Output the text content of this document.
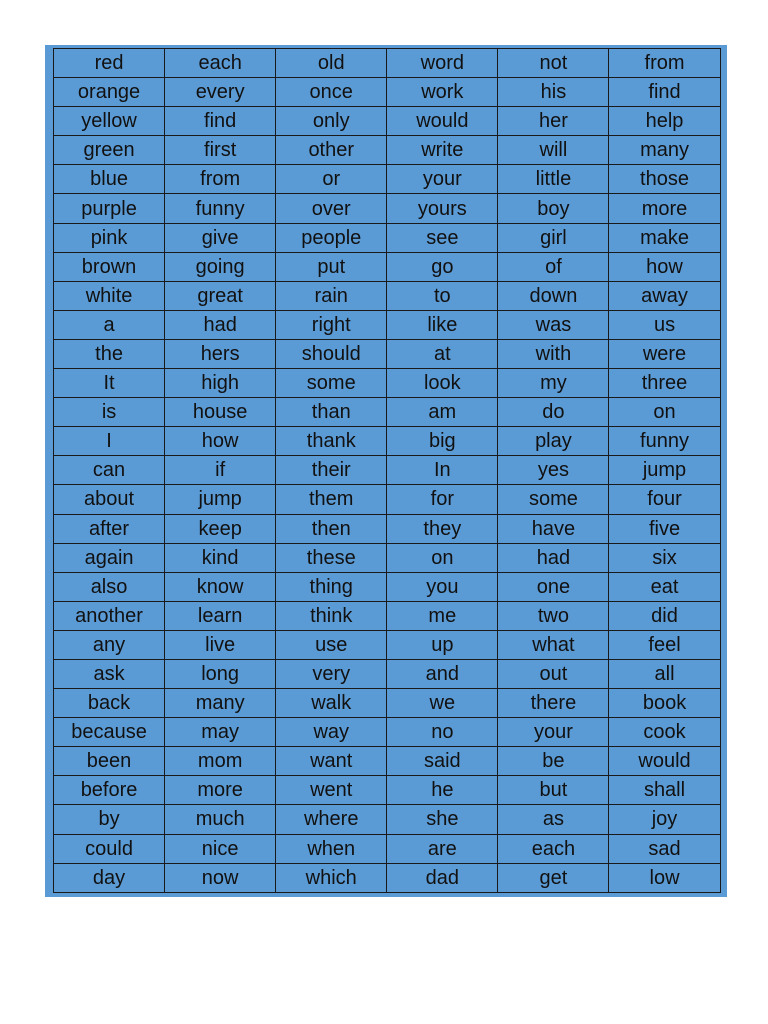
red	each	old	word	not	from
orange	every	once	work	his	find
yellow	find	only	would	her	help
green	first	other	write	will	many
blue	from	or	your	little	those
purple	funny	over	yours	boy	more
pink	give	people	see	girl	make
brown	going	put	go	of	how
white	great	rain	to	down	away
a	had	right	like	was	us
the	hers	should	at	with	were
It	high	some	look	my	three
is	house	than	am	do	on
I	how	thank	big	play	funny
can	if	their	In	yes	jump
about	jump	them	for	some	four
after	keep	then	they	have	five
again	kind	these	on	had	six
also	know	thing	you	one	eat
another	learn	think	me	two	did
any	live	use	up	what	feel
ask	long	very	and	out	all
back	many	walk	we	there	book
because	may	way	no	your	cook
been	mom	want	said	be	would
before	more	went	he	but	shall
by	much	where	she	as	joy
could	nice	when	are	each	sad
day	now	which	dad	get	low
